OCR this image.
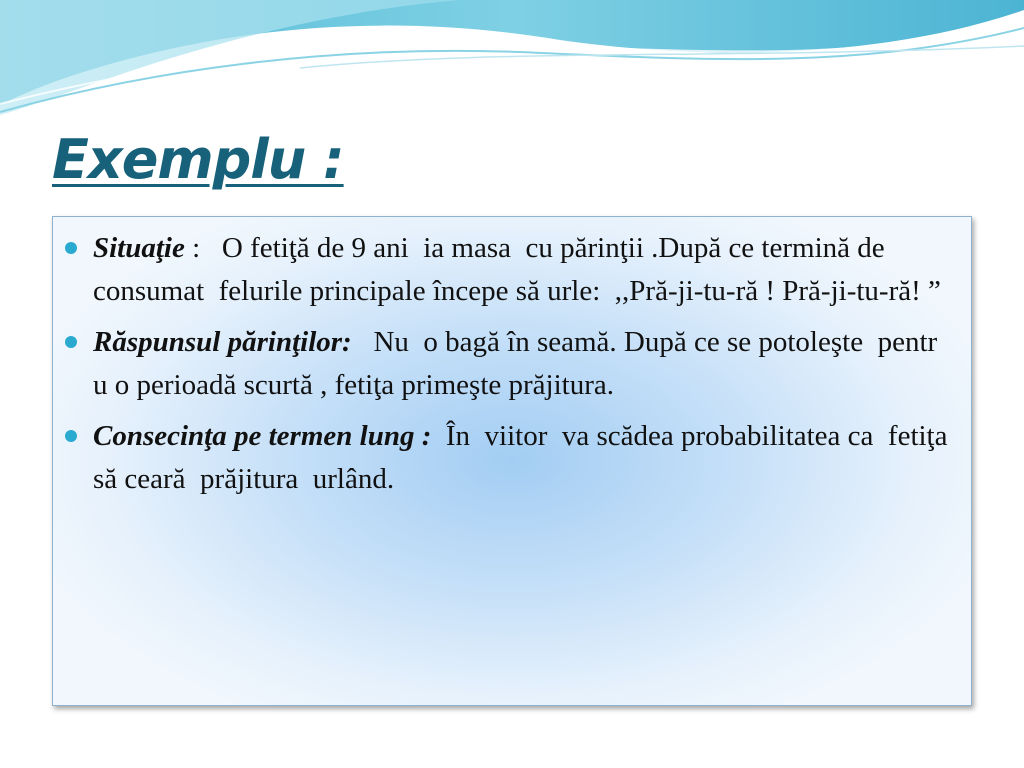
Exemplu :
Situaţie :   O fetiţă de 9 ani  ia masa  cu părinţii .După ce termină de consumat  felurile principale începe să urle:  ,,Pră-ji-tu-ră ! Pră-ji-tu-ră! ”
Răspunsul părinţilor:   Nu  o bagă în seamă. După ce se potoleşte  pentr u o perioadă scurtă , fetiţa primeşte prăjitura.
Consecinţa pe termen lung :  În  viitor  va scădea probabilitatea ca  fetiţa să ceară  prăjitura  urlând.
